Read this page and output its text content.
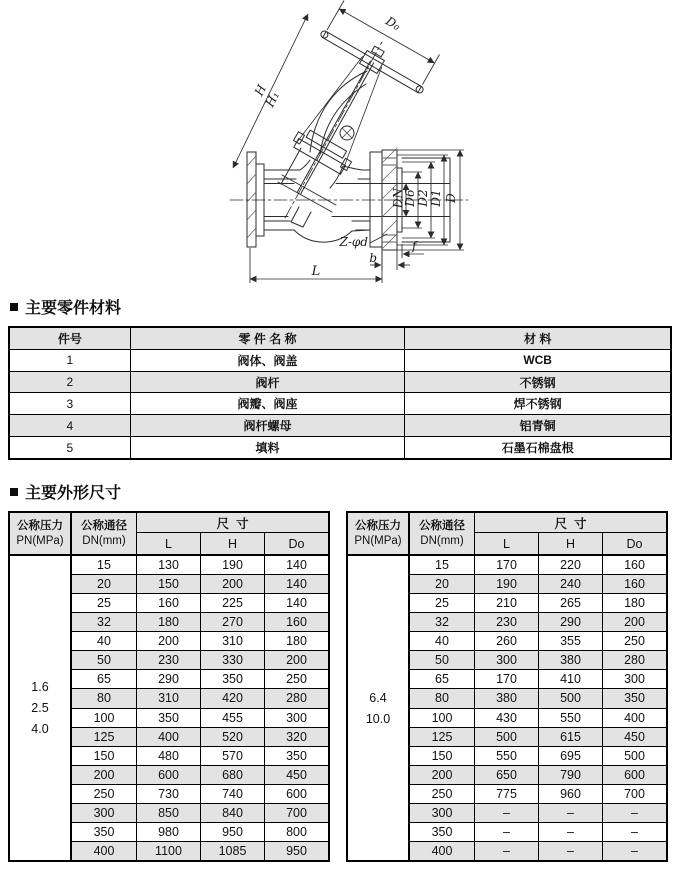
D₀
H
H₁
DN
D6 D2 D1 D
Z-φd	f
b
L
主要零件材料
件号	零 件 名 称	材 料
1	阀体、阀盖	WCB
2	阀杆	不锈钢
3	阀瓣、阀座	焊不锈钢
4	阀杆螺母	铝青铜
5	填料	石墨石棉盘根
主要外形尺寸
公称压力
PN(MPa)
1.6
2.5
4.0
公称通径
DN(mm)
尺  寸
L	H	Do
15	130	190	140
20	150	200	140
25	160	225	140
32	180	270	160
40	200	310	180
50	230	330	200
65	290	350	250
80	310	420	280
100	350	455	300
125	400	520	320
150	480	570	350
200	600	680	450
250	730	740	600
300	850	840	700
350	980	950	800
400	1100	1085	950
公称压力
PN(MPa)
6.4
10.0
公称通径
DN(mm)
尺  寸
L	H	Do
15	170	220	160
20	190	240	160
25	210	265	180
32	230	290	200
40	260	355	250
50	300	380	280
65	170	410	300
80	380	500	350
100	430	550	400
125	500	615	450
150	550	695	500
200	650	790	600
250	775	960	700
300	–	–	–
350	–	–	–
400	–	–	–
